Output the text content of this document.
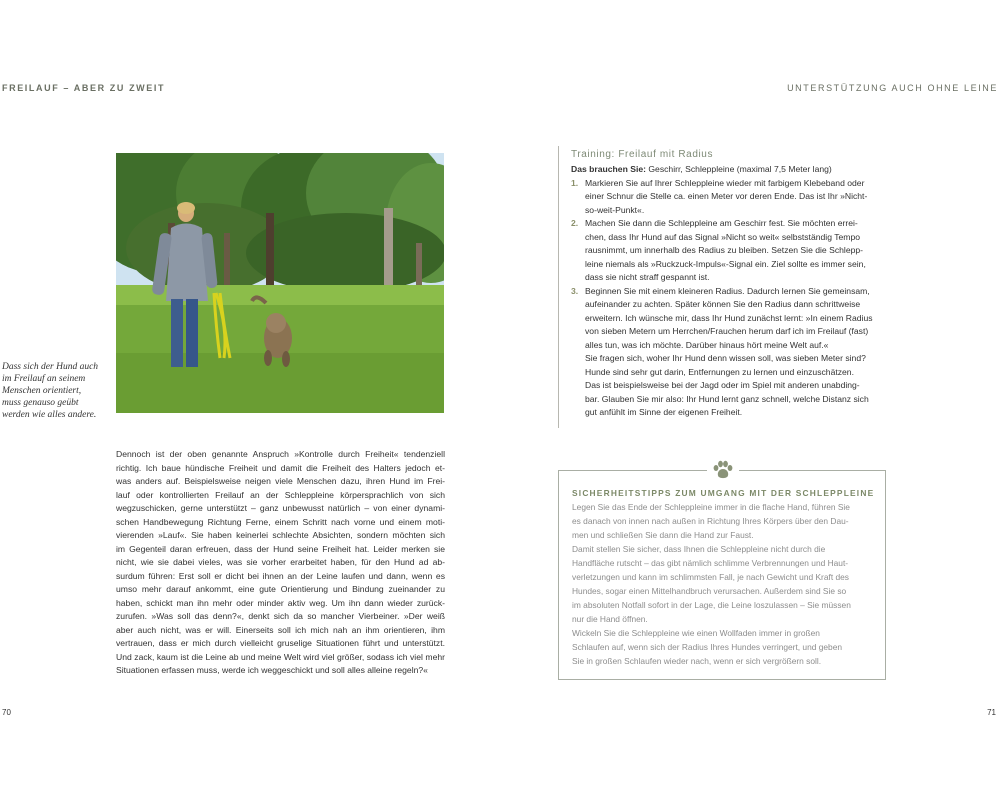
FREILAUF – ABER ZU ZWEIT	UNTERSTÜTZUNG AUCH OHNE LEINE
Dass sich der Hund auch
im Freilauf an seinem
Menschen orientiert,
muss genauso geübt
werden wie alles andere.
Dennoch ist der oben genannte Anspruch »Kontrolle durch Freiheit« tendenziell
richtig. Ich baue hündische Freiheit und damit die Freiheit des Halters jedoch et-
was anders auf. Beispielsweise neigen viele Menschen dazu, ihren Hund im Frei-
lauf oder kontrollierten Freilauf an der Schleppleine körpersprachlich von sich
wegzuschicken, gerne unterstützt – ganz unbewusst natürlich – von einer dynami-
schen Handbewegung Richtung Ferne, einem Schritt nach vorne und einem moti-
vierenden »Lauf«. Sie haben keinerlei schlechte Absichten, sondern möchten sich
im Gegenteil daran erfreuen, dass der Hund seine Freiheit hat. Leider merken sie
nicht, wie sie dabei vieles, was sie vorher erarbeitet haben, für den Hund ad ab-
surdum führen: Erst soll er dicht bei ihnen an der Leine laufen und dann, wenn es
umso mehr darauf ankommt, eine gute Orientierung und Bindung zueinander zu
haben, schickt man ihn mehr oder minder aktiv weg. Um ihn dann wieder zurück-
zurufen. »Was soll das denn?«, denkt sich da so mancher Vierbeiner. »Der weiß
aber auch nicht, was er will. Einerseits soll ich mich nah an ihm orientieren, ihm
vertrauen, dass er mich durch vielleicht gruselige Situationen führt und unterstützt.
Und zack, kaum ist die Leine ab und meine Welt wird viel größer, sodass ich viel mehr
Situationen erfassen muss, werde ich weggeschickt und soll alles alleine regeln?«
70	71
Training: Freilauf mit Radius
Das brauchen Sie: Geschirr, Schleppleine (maximal 7,5 Meter lang)
1. Markieren Sie auf Ihrer Schleppleine wieder mit farbigem Klebeband oder
einer Schnur die Stelle ca. einen Meter vor deren Ende. Das ist Ihr »Nicht-
so-weit-Punkt«.
2. Machen Sie dann die Schleppleine am Geschirr fest. Sie möchten errei-
chen, dass Ihr Hund auf das Signal »Nicht so weit« selbstständig Tempo
rausnimmt, um innerhalb des Radius zu bleiben. Setzen Sie die Schlepp-
leine niemals als »Ruckzuck-Impuls«-Signal ein. Ziel sollte es immer sein,
dass sie nicht straff gespannt ist.
3. Beginnen Sie mit einem kleineren Radius. Dadurch lernen Sie gemeinsam,
aufeinander zu achten. Später können Sie den Radius dann schrittweise
erweitern. Ich wünsche mir, dass Ihr Hund zunächst lernt: »In einem Radius
von sieben Metern um Herrchen/Frauchen herum darf ich im Freilauf (fast)
alles tun, was ich möchte. Darüber hinaus hört meine Welt auf.«
Sie fragen sich, woher Ihr Hund denn wissen soll, was sieben Meter sind?
Hunde sind sehr gut darin, Entfernungen zu lernen und einzuschätzen.
Das ist beispielsweise bei der Jagd oder im Spiel mit anderen unabding-
bar. Glauben Sie mir also: Ihr Hund lernt ganz schnell, welche Distanz sich
gut anfühlt im Sinne der eigenen Freiheit.
SICHERHEITSTIPPS ZUM UMGANG MIT DER SCHLEPPLEINE
Legen Sie das Ende der Schleppleine immer in die flache Hand, führen Sie
es danach von innen nach außen in Richtung Ihres Körpers über den Dau-
men und schließen Sie dann die Hand zur Faust.
Damit stellen Sie sicher, dass Ihnen die Schleppleine nicht durch die
Handfläche rutscht – das gibt nämlich schlimme Verbrennungen und Haut-
verletzungen und kann im schlimmsten Fall, je nach Gewicht und Kraft des
Hundes, sogar einen Mittelhandbruch verursachen. Außerdem sind Sie so
im absoluten Notfall sofort in der Lage, die Leine loszulassen – Sie müssen
nur die Hand öffnen.
Wickeln Sie die Schleppleine wie einen Wollfaden immer in großen
Schlaufen auf, wenn sich der Radius Ihres Hundes verringert, und geben
Sie in großen Schlaufen wieder nach, wenn er sich vergrößern soll.
